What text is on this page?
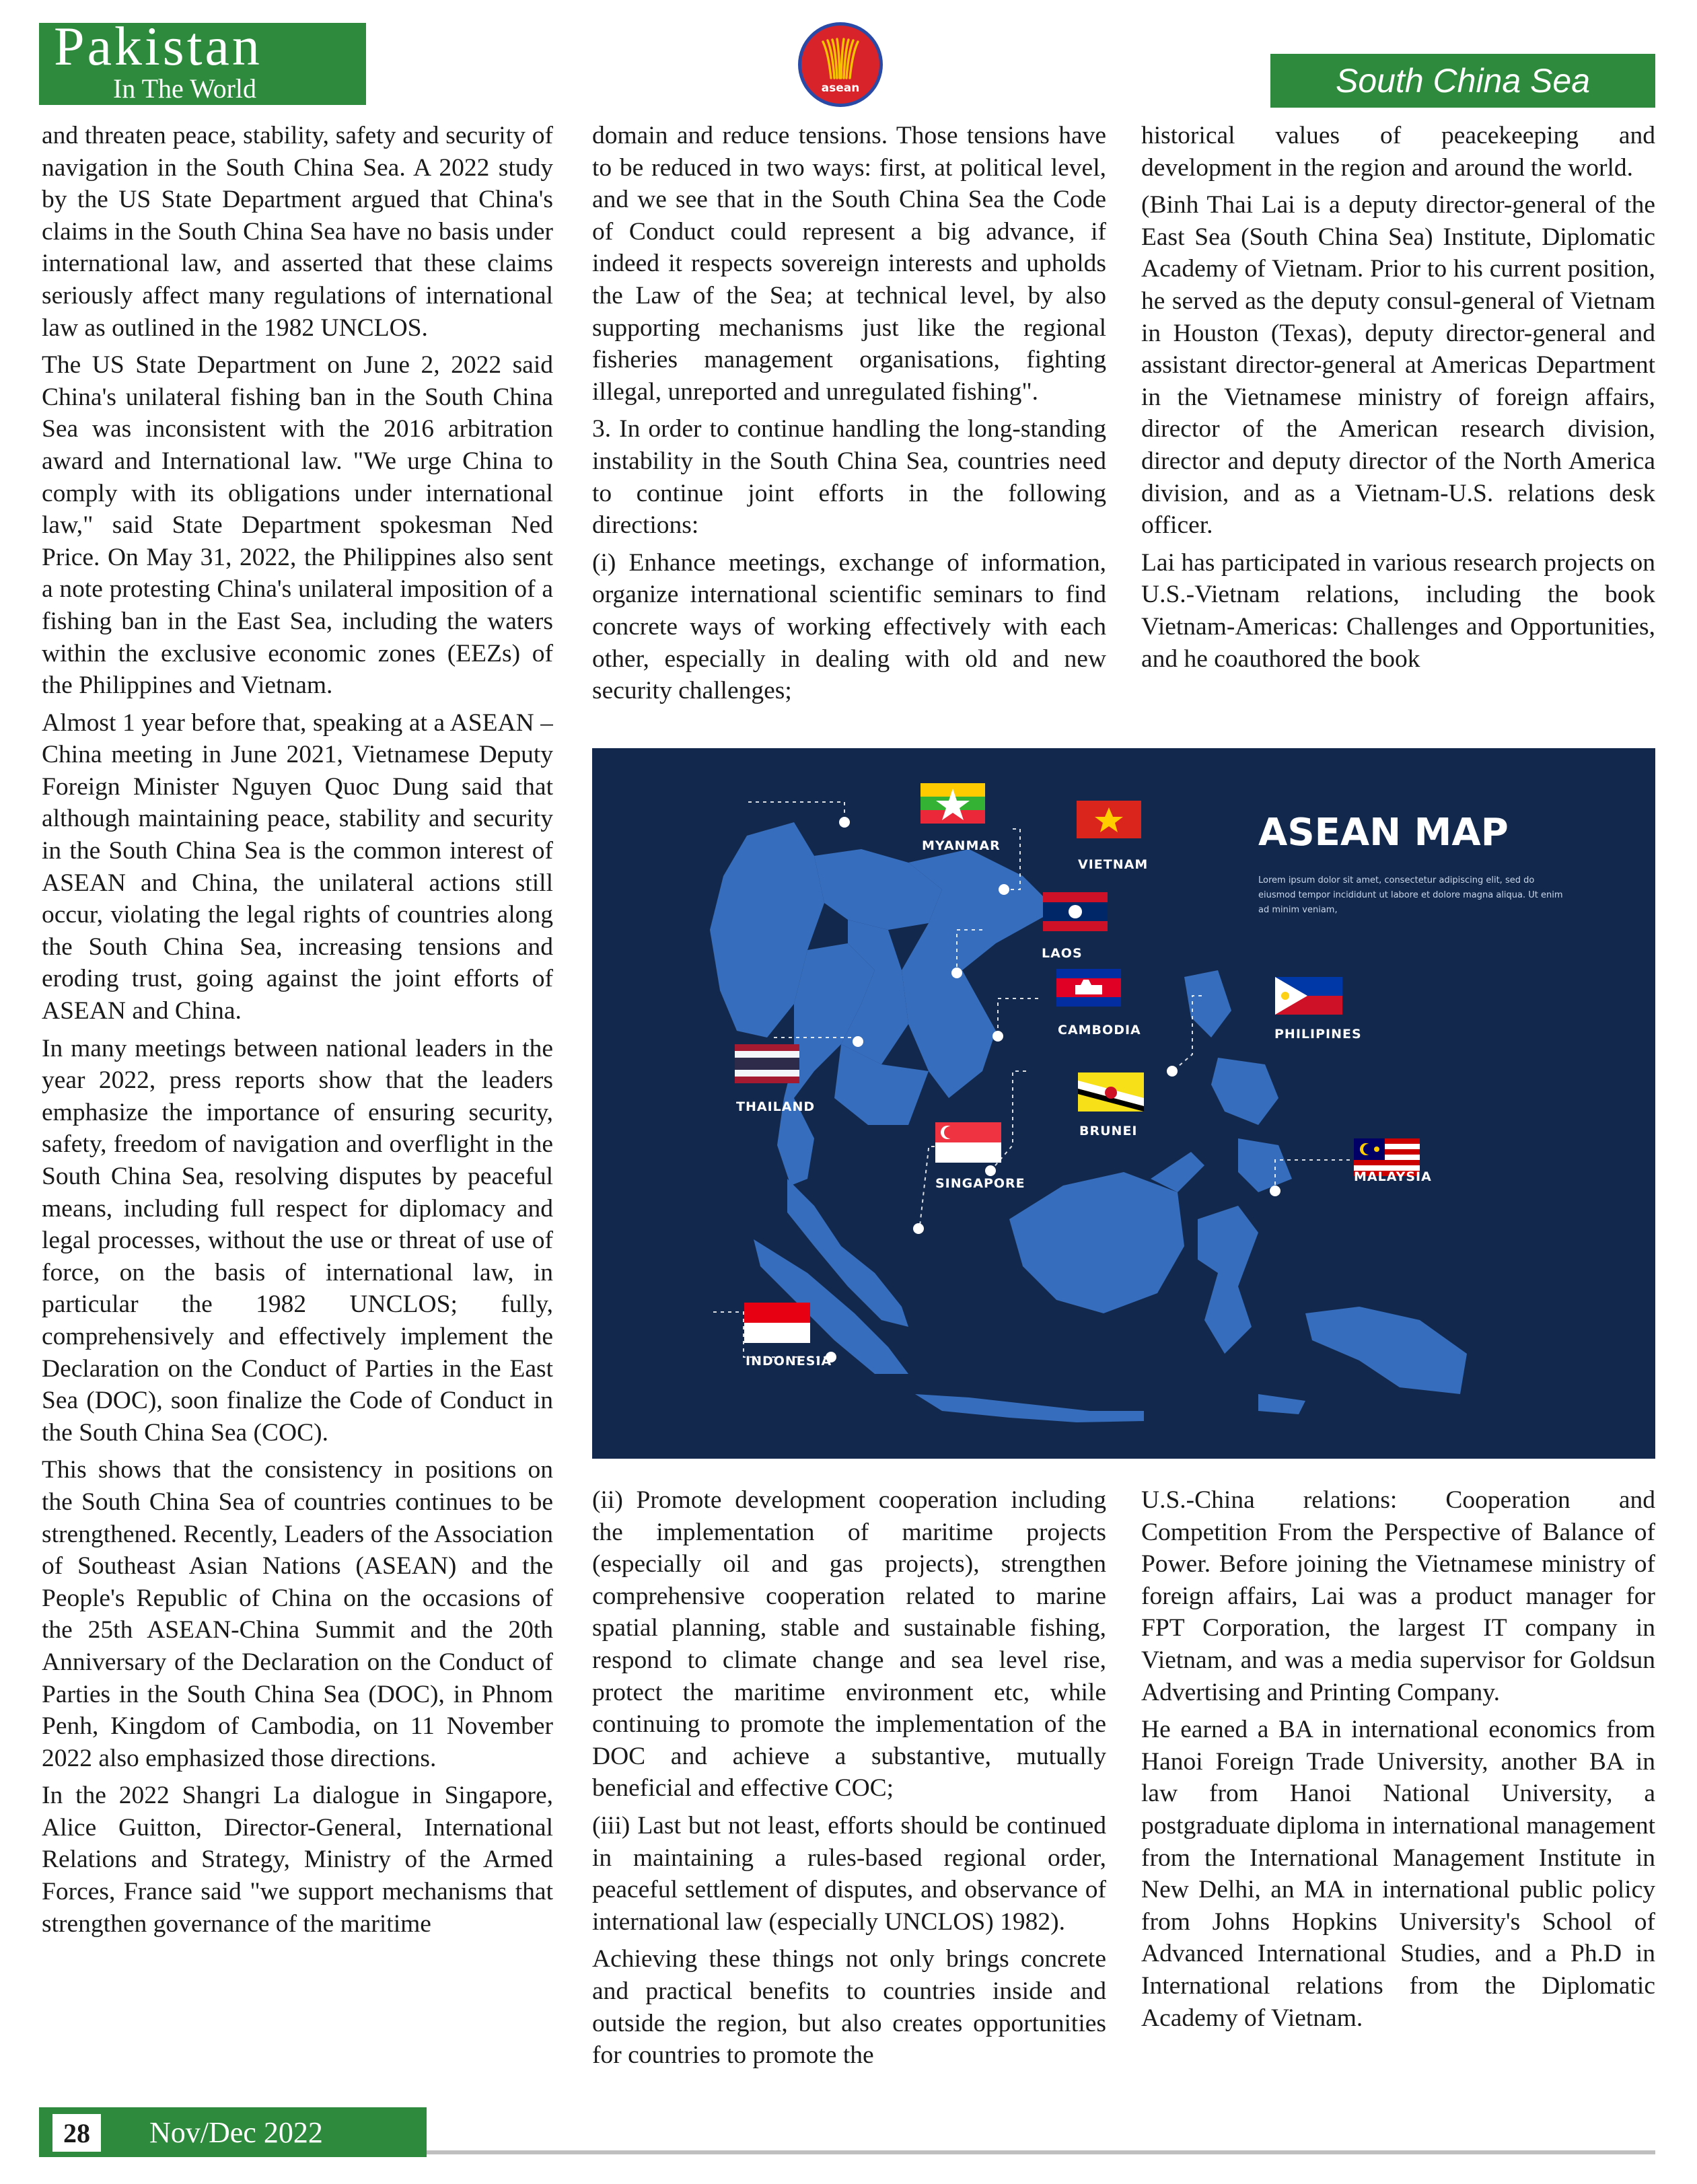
Pakistan
In The World	asean	South China Sea

and threaten peace, stability, safety and security of navigation in the South China Sea. A 2022 study by the US State Department argued that China's claims in the South China Sea have no basis under international law, and asserted that these claims seriously affect many regulations of international law as outlined in the 1982 UNCLOS.

The US State Department on June 2, 2022 said China's unilateral fishing ban in the South China Sea was inconsistent with the 2016 arbitration award and International law. "We urge China to comply with its obligations under international law," said State Department spokesman Ned Price. On May 31, 2022, the Philippines also sent a note protesting China's unilateral imposition of a fishing ban in the East Sea, including the waters within the exclusive economic zones (EEZs) of the Philippines and Vietnam.

Almost 1 year before that, speaking at a ASEAN – China meeting in June 2021, Vietnamese Deputy Foreign Minister Nguyen Quoc Dung said that although maintaining peace, stability and security in the South China Sea is the common interest of ASEAN and China, the unilateral actions still occur, violating the legal rights of countries along the South China Sea, increasing tensions and eroding trust, going against the joint efforts of ASEAN and China.

In many meetings between national leaders in the year 2022, press reports show that the leaders emphasize the importance of ensuring security, safety, freedom of navigation and overflight in the South China Sea, resolving disputes by peaceful means, including full respect for diplomacy and legal processes, without the use or threat of use of force, on the basis of international law, in particular the 1982 UNCLOS; fully, comprehensively and effectively implement the Declaration on the Conduct of Parties in the East Sea (DOC), soon finalize the Code of Conduct in the South China Sea (COC).

This shows that the consistency in positions on the South China Sea of countries continues to be strengthened. Recently, Leaders of the Association of Southeast Asian Nations (ASEAN) and the People's Republic of China on the occasions of the 25th ASEAN-China Summit and the 20th Anniversary of the Declaration on the Conduct of Parties in the South China Sea (DOC), in Phnom Penh, Kingdom of Cambodia, on 11 November 2022 also emphasized those directions.

In the 2022 Shangri La dialogue in Singapore, Alice Guitton, Director-General, International Relations and Strategy, Ministry of the Armed Forces, France said "we support mechanisms that strengthen governance of the maritime

domain and reduce tensions. Those tensions have to be reduced in two ways: first, at political level, and we see that in the South China Sea the Code of Conduct could represent a big advance, if indeed it respects sovereign interests and upholds the Law of the Sea; at technical level, by also supporting mechanisms just like the regional fisheries management organisations, fighting illegal, unreported and unregulated fishing".

3. In order to continue handling the long-standing instability in the South China Sea, countries need to continue joint efforts in the following directions:

(i) Enhance meetings, exchange of information, organize international scientific seminars to find concrete ways of working effectively with each other, especially in dealing with old and new security challenges;

historical values of peacekeeping and development in the region and around the world.

(Binh Thai Lai is a deputy director-general of the East Sea (South China Sea) Institute, Diplomatic Academy of Vietnam. Prior to his current position, he served as the deputy consul-general of Vietnam in Houston (Texas), deputy director-general and assistant director-general at Americas Department in the Vietnamese ministry of foreign affairs, director of the American research division, director and deputy director of the North America division, and as a Vietnam-U.S. relations desk officer.

Lai has participated in various research projects on U.S.-Vietnam relations, including the book Vietnam-Americas: Challenges and Opportunities, and he coauthored the book

ASEAN MAP
Lorem ipsum dolor sit amet, consectetur adipiscing elit, sed do eiusmod tempor incididunt ut labore et dolore magna aliqua. Ut enim ad minim veniam,
MYANMAR
VIETNAM
LAOS
CAMBODIA	PHILIPINES
THAILAND
BRUNEI
SINGAPORE	MALAYSIA
INDONESIA

(ii) Promote development cooperation including the implementation of maritime projects (especially oil and gas projects), strengthen comprehensive cooperation related to marine spatial planning, stable and sustainable fishing, respond to climate change and sea level rise, protect the maritime environment etc, while continuing to promote the implementation of the DOC and achieve a substantive, mutually beneficial and effective COC;

(iii) Last but not least, efforts should be continued in maintaining a rules-based regional order, peaceful settlement of disputes, and observance of international law (especially UNCLOS) 1982).

Achieving these things not only brings concrete and practical benefits to countries inside and outside the region, but also creates opportunities for countries to promote the

U.S.-China relations: Cooperation and Competition From the Perspective of Balance of Power. Before joining the Vietnamese ministry of foreign affairs, Lai was a product manager for FPT Corporation, the largest IT company in Vietnam, and was a media supervisor for Goldsun Advertising and Printing Company.

He earned a BA in international economics from Hanoi Foreign Trade University, another BA in law from Hanoi National University, a postgraduate diploma in international management from the International Management Institute in New Delhi, an MA in international public policy from Johns Hopkins University's School of Advanced International Studies, and a Ph.D in International relations from the Diplomatic Academy of Vietnam.

28	Nov/Dec 2022
